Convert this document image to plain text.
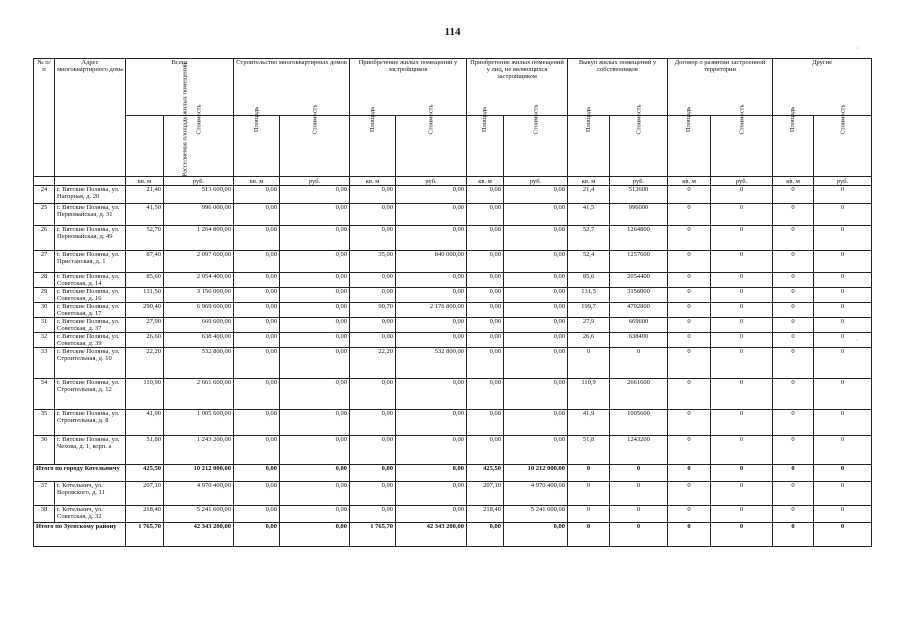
114
№ п/п	Адрес многоквартирного дома	Всего		Строительство многоквартирных домов		Приобретение жилых помещений у застройщиков		Приобретение жилых помещений у лиц, не являющихся застройщиком		Выкуп жилых помещений у собственников		Договор о развитии застроенной территории		Другие	
		Расселяемая площадь жилых помещений	Стоимость	Площадь	Стоимость	Площадь	Стоимость	Площадь	Стоимость	Площадь	Стоимость	Площадь	Стоимость	Площадь	Стоимость
		кв. м	руб.	кв. м	руб.	кв. м	руб.	кв. м	руб.	кв. м	руб.	кв. м	руб.	кв. м	руб.
24	г. Вятские Поляны, ул. Нагорная, д. 20	21,40	513 600,00	0,00	0,00	0,00	0,00	0,00	0,00	21,4	513600	0	0	0	0
25	г. Вятские Поляны, ул. Первомайская, д. 31	41,50	996 000,00	0,00	0,00	0,00	0,00	0,00	0,00	41,5	996000	0	0	0	0
26	г. Вятские Поляны, ул. Первомайская, д. 49	52,70	1 264 800,00	0,00	0,00	0,00	0,00	0,00	0,00	52,7	1264800	0	0	0	0
27	г. Вятские Поляны, ул. Пристанская, д. 1	87,40	2 097 600,00	0,00	0,00	35,00	840 000,00	0,00	0,00	52,4	1257600	0	0	0	0
28	г. Вятские Поляны, ул. Советская, д. 14	85,60	2 054 400,00	0,00	0,00	0,00	0,00	0,00	0,00	85,6	2054400	0	0	0	0
29	г. Вятские Поляны, ул. Советская, д. 16	131,50	3 156 000,00	0,00	0,00	0,00	0,00	0,00	0,00	131,5	3156000	0	0	0	0
30	г. Вятские Поляны, ул. Советская, д. 17	290,40	6 969 600,00	0,00	0,00	90,70	2 176 800,00	0,00	0,00	199,7	4792800	0	0	0	0
31	г. Вятские Поляны, ул. Советская, д. 37	27,90	669 600,00	0,00	0,00	0,00	0,00	0,00	0,00	27,9	669600	0	0	0	0
32	г. Вятские Поляны, ул. Советская, д. 39	26,60	638 400,00	0,00	0,00	0,00	0,00	0,00	0,00	26,6	638400	0	0	0	0
33	г. Вятские Поляны, ул. Строительная, д. 10	22,20	532 800,00	0,00	0,00	22,20	532 800,00	0,00	0,00	0	0	0	0	0	0
34	г. Вятские Поляны, ул. Строительная, д. 12	110,90	2 661 600,00	0,00	0,00	0,00	0,00	0,00	0,00	110,9	2661600	0	0	0	0
35	г. Вятские Поляны, ул. Строительная, д. 8	41,90	1 005 600,00	0,00	0,00	0,00	0,00	0,00	0,00	41,9	1005600	0	0	0	0
36	г. Вятские Поляны, ул. Чехова, д. 1, корп. а	51,80	1 243 200,00	0,00	0,00	0,00	0,00	0,00	0,00	51,8	1243200	0	0	0	0
Итого по городу Котельничу		425,50	10 212 000,00	0,00	0,00	0,00	0,00	425,50	10 212 000,00	0	0	0	0	0	0
37	г. Котельнич, ул. Воровского, д. 11	207,10	4 970 400,00	0,00	0,00	0,00	0,00	207,10	4 970 400,00	0	0	0	0	0	0
38	г. Котельнич, ул. Советская, д. 32	218,40	5 241 600,00	0,00	0,00	0,00	0,00	218,40	5 241 600,00	0	0	0	0	0	0
Итого по Зуевскому району		1 765,70	42 343 200,00	0,00	0,00	1 765,70	42 343 200,00	0,00	0,00	0	0	0	0	0	0
·
·
